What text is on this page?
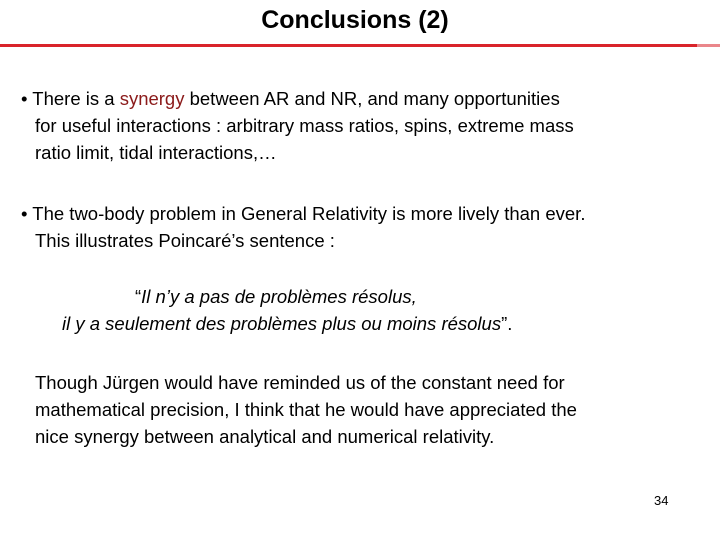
Conclusions (2)

• There is a synergy between AR and NR, and many opportunities
for useful interactions : arbitrary mass ratios, spins, extreme mass
ratio limit, tidal interactions,…

• The two-body problem in General Relativity is more lively than ever.
This illustrates Poincaré’s sentence :

“Il n’y a pas de problèmes résolus,
il y a seulement des problèmes plus ou moins résolus”.

Though Jürgen would have reminded us of the constant need for
mathematical precision, I think that he would have appreciated the
nice synergy between analytical and numerical relativity.

34
